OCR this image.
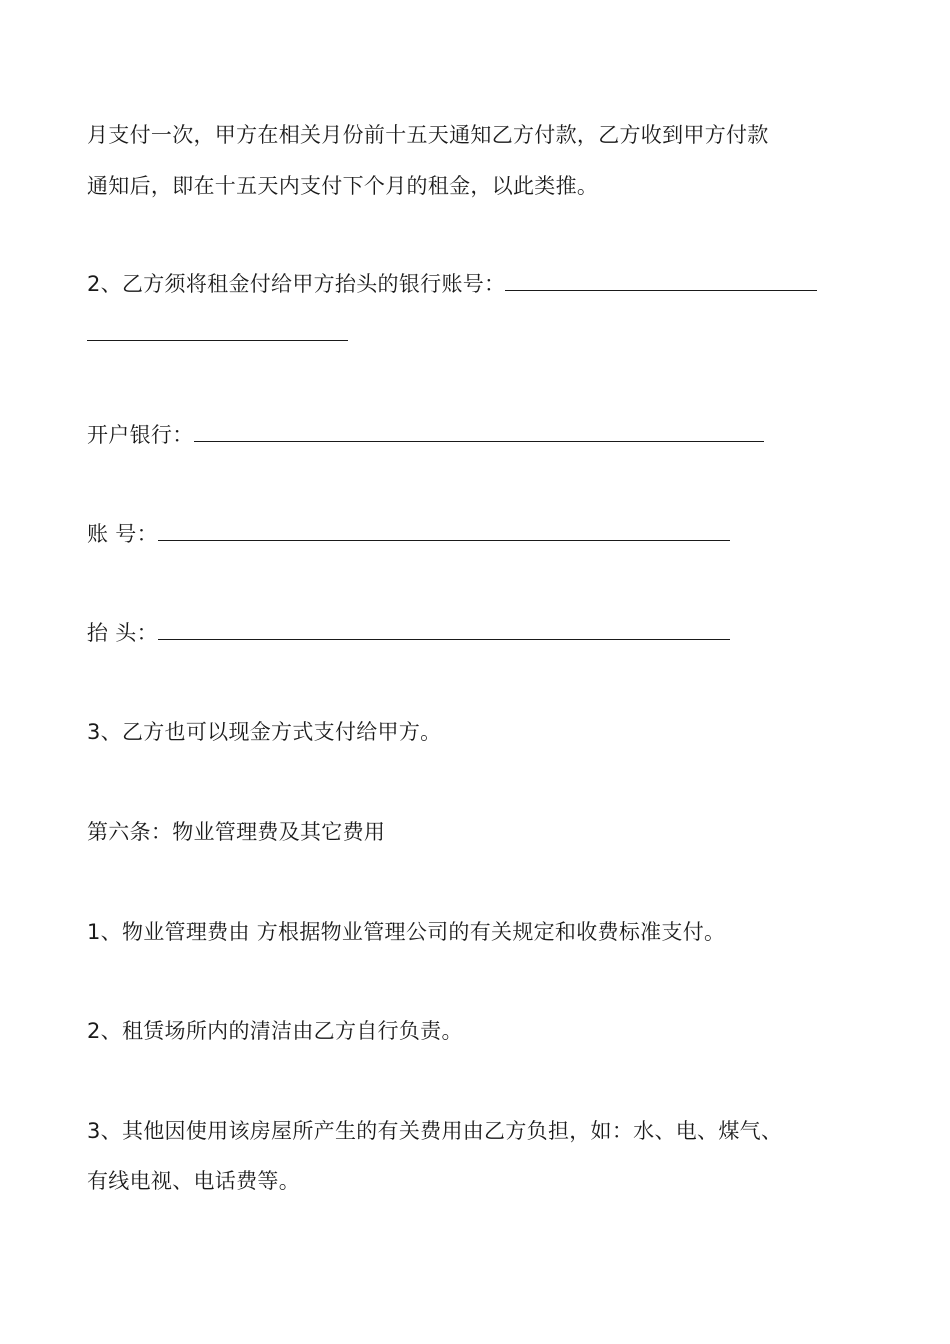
月支付一次，甲方在相关月份前十五天通知乙方付款，乙方收到甲方付款
通知后，即在十五天内支付下个月的租金，以此类推。
2、乙方须将租金付给甲方抬头的银行账号：
开户银行：
账 号：
抬 头：
3、乙方也可以现金方式支付给甲方。
第六条：物业管理费及其它费用
1、物业管理费由 方根据物业管理公司的有关规定和收费标准支付。
2、租赁场所内的清洁由乙方自行负责。
3、其他因使用该房屋所产生的有关费用由乙方负担，如：水、电、煤气、
有线电视、电话费等。
